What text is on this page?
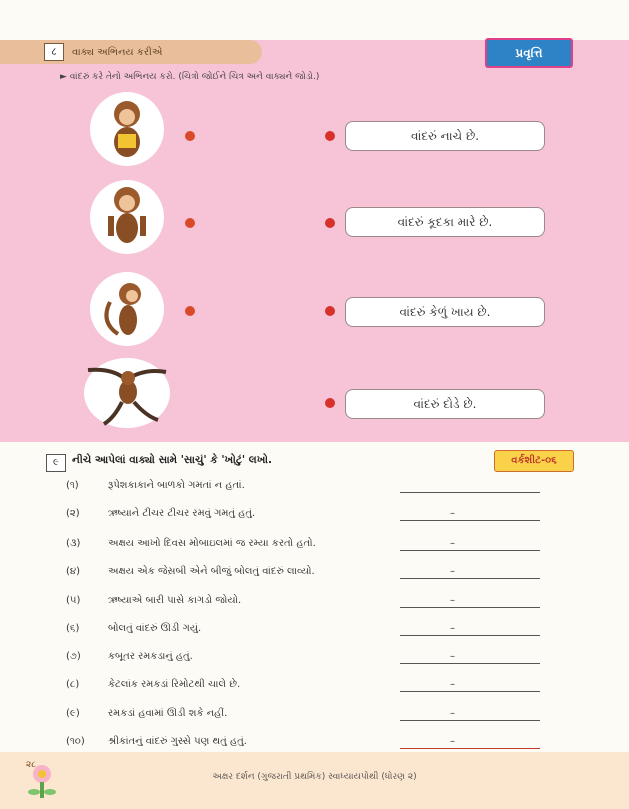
८	વાક્ય અભિનય કરીએ	પ્રવૃત્તિ
► વાંદરું કરે તેનો અભિનય કરો. (ચિત્રો જોઈને ચિત્ર અને વાક્યને જોડો.)
વાંદરું નાચે છે.
વાંદરું કૂદકા મારે છે.
વાંદરું કેળું ખાય છે.
વાંદરું દોડે છે.
૯	નીચે આપેલાં વાક્યો સામે 'સાચું' કે 'ખોટું' લખો.	વર્કશીટ-૦૬
(૧)	રૂપેશકાકાને બાળકો ગમતાં ન હતાં.
(૨)	ઋષ્યાને ટીચર ટીચર રમવું ગમતું હતું.	–
(૩)	અક્ષય આખો દિવસ મોબાઇલમાં જ રમ્યા કરતો હતો.	–
(૪)	અક્ષય એક જેસ઼બી એને બીજું બોલતું વાંદરું લાવ્યો.	–
(૫)	ઋષ્યાએ બારી પાસે કાગડો જોયો.	–
(૬)	બોલતું વાંદરું ઊડી ગયું.	–
(૭)	કબૂતર રમકડાનું હતું.	–
(૮)	કેટલાંક રમકડાં રિમોટથી ચાલે છે.	–
(૯)	રમકડાં હવામાં ઊડી શકે નહીં.	–
(૧૦)	શ્રીકાંતનું વાંદરું ગુસ્સે પણ થતું હતું.	–
૨૮
અક્ષર દર્શન (ગુજરાતી પ્રથમિક) સ્વાધ્યાયપોથી (ધોરણ ૨)
